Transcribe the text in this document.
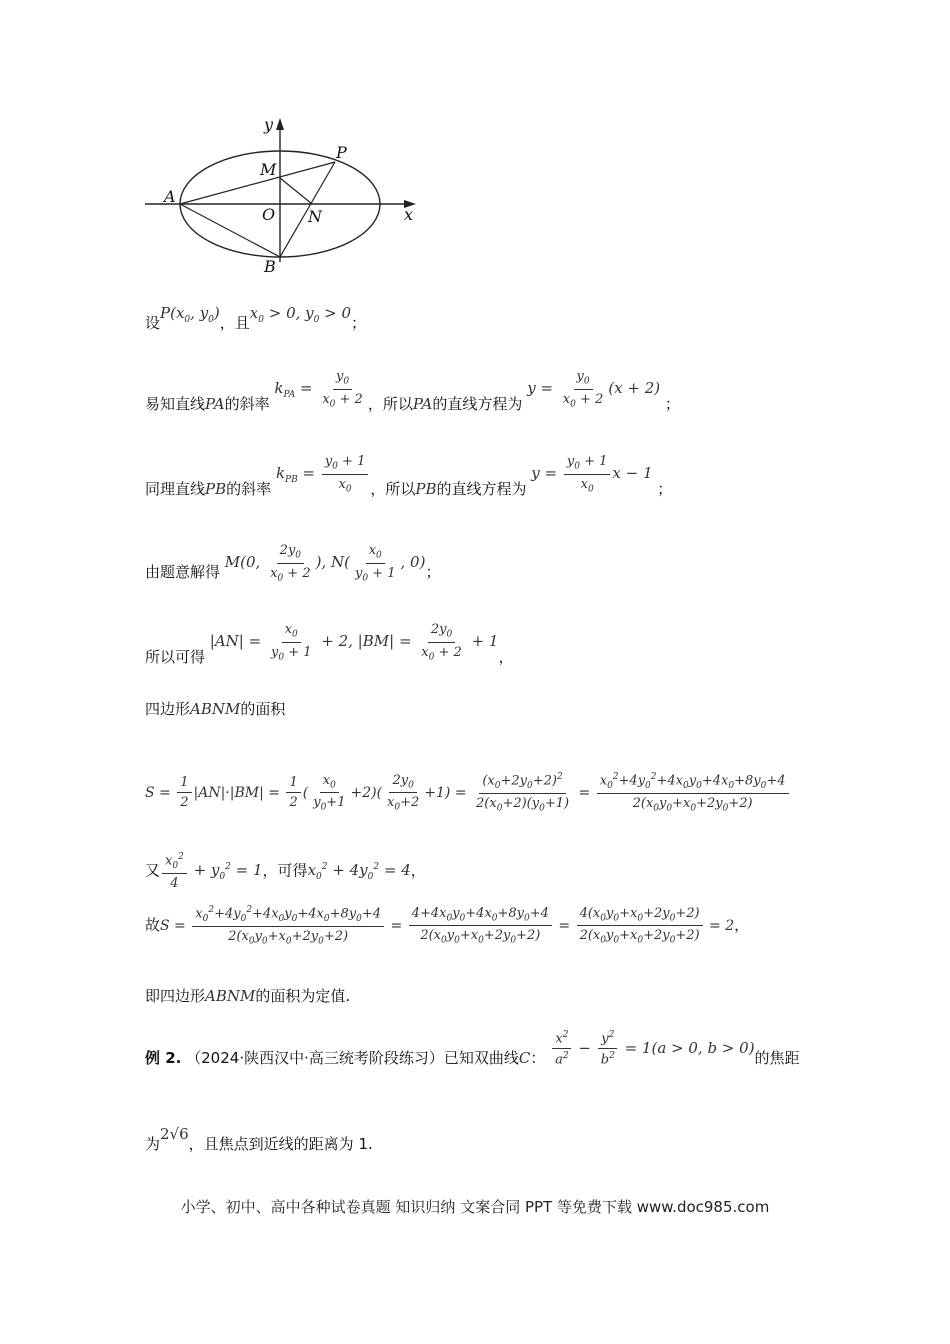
y
x
P
M
A
O N
B
设$P(x_0$, $y_0$)，且$x_0 > 0$, $y_0 > 0$；
易知直线PA的斜率 $k_{PA} = \frac{y_0}{x_0 + 2}$ ，所以PA的直线方程为 $y = \frac{y_0}{x_0 + 2} (x + 2)$ ；
同理直线PB的斜率 $k_{PB} = \frac{y_0 + 1}{x_0}$ ，所以PB的直线方程为 $y = \frac{y_0 + 1}{x_0}$ x − 1 ；
由题意解得 M(0, $\frac{2y_0}{x_0 + 2}$ ), $N( \frac{x_0}{y_0 + 1}$ , 0)；
所以可得 $|AN| = \frac{x_0}{y_0 + 1} + 2$, $|BM| = \frac{2y_0}{x_0 + 2} + 1$，
四边形ABNM的面积
$S = \frac{1}{2} |AN|\cdot|BM| = \frac{1}{2}$ ( $\frac{x_0}{y_0+1} +2)( \frac{2y_0}{x_0+2} +1) = \frac{(x_0+2y_0+2)^2}{2(x_0+2)(y_0+1)} = \frac{x_0^2+4y_0^2+4x_0y_0+4x_0+8y_0+4}{2(x_0y_0+x_0+2y_0+2)}$
又 $\frac{x_0^2}{4} + y_0^2 = 1$，可得$x_0^2 + 4y_0^2 = 4$，
故$S = \frac{x_0^2+4y_0^2+4x_0y_0+4x_0+8y_0+4}{2(x_0y_0+x_0+2y_0+2)} = \frac{4+4x_0y_0+4x_0+8y_0+4}{2(x_0y_0+x_0+2y_0+2)} = \frac{4(x_0y_0+x_0+2y_0+2)}{2(x_0y_0+x_0+2y_0+2)} = 2$，
即四边形ABNM的面积为定值.
例 2. （2024·陕西汉中·高三统考阶段练习）已知双曲线C： $\frac{x^2}{a^2} - \frac{y^2}{b^2} = 1(a > 0$, b > 0)的焦距
为2√6，且焦点到近线的距离为 1.
小学、初中、高中各种试卷真题 知识归纳 文案合同 PPT 等免费下载 www.doc985.com
